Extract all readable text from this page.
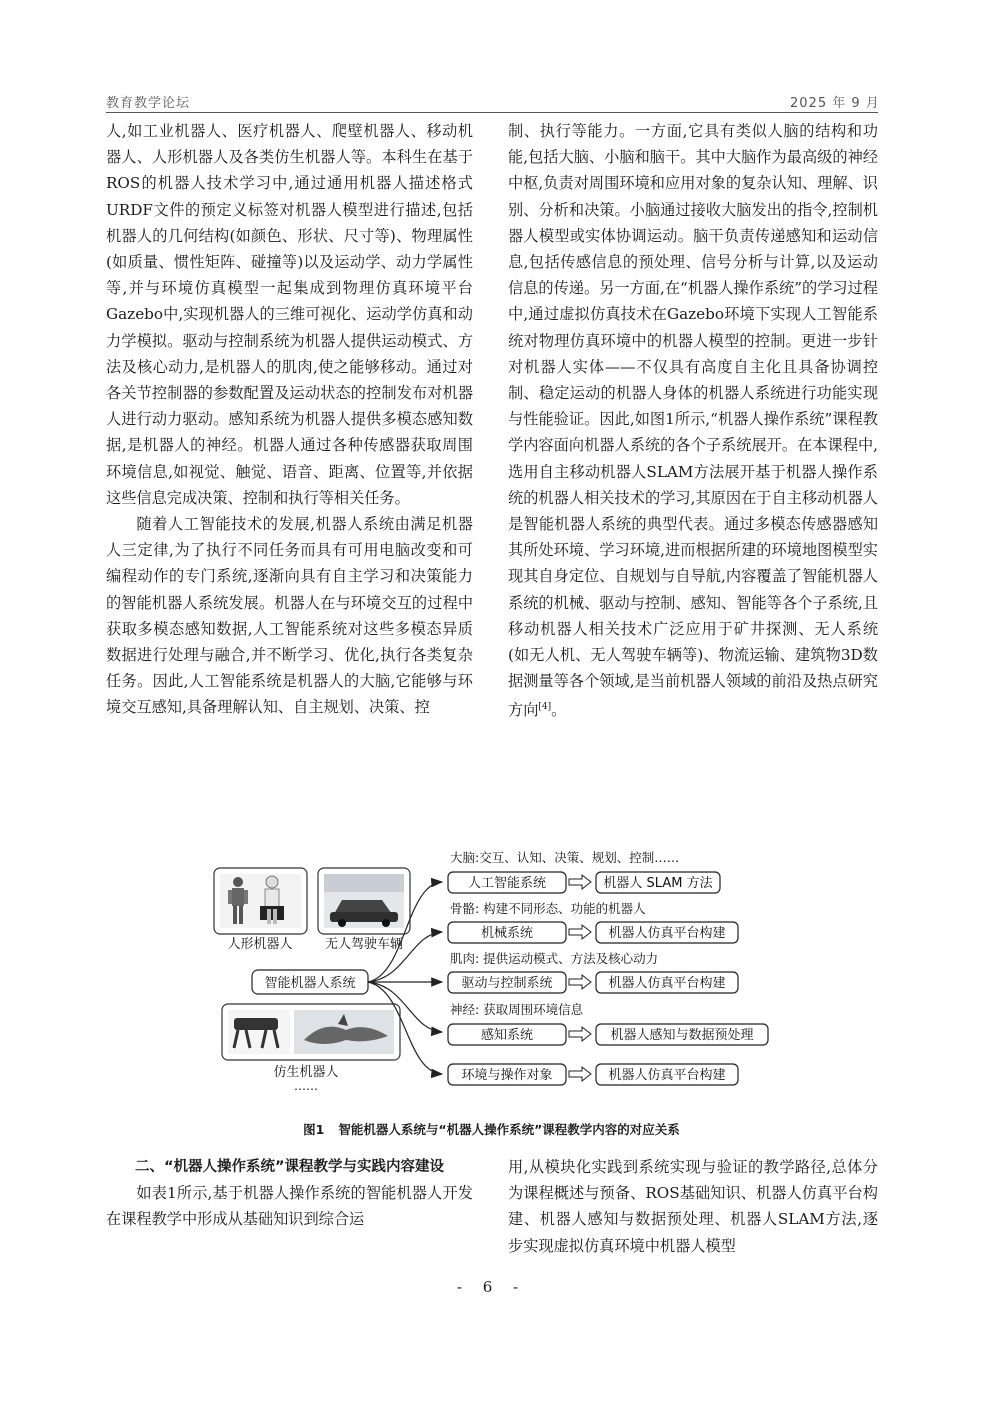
教育教学论坛	2025 年 9 月

人,如工业机器人、医疗机器人、爬壁机器人、移动机器人、人形机器人及各类仿生机器人等。本科生在基于ROS的机器人技术学习中,通过通用机器人描述格式URDF文件的预定义标签对机器人模型进行描述,包括机器人的几何结构(如颜色、形状、尺寸等)、物理属性(如质量、惯性矩阵、碰撞等)以及运动学、动力学属性等,并与环境仿真模型一起集成到物理仿真环境平台Gazebo中,实现机器人的三维可视化、运动学仿真和动力学模拟。驱动与控制系统为机器人提供运动模式、方法及核心动力,是机器人的肌肉,使之能够移动。通过对各关节控制器的参数配置及运动状态的控制发布对机器人进行动力驱动。感知系统为机器人提供多模态感知数据,是机器人的神经。机器人通过各种传感器获取周围环境信息,如视觉、触觉、语音、距离、位置等,并依据这些信息完成决策、控制和执行等相关任务。

随着人工智能技术的发展,机器人系统由满足机器人三定律,为了执行不同任务而具有可用电脑改变和可编程动作的专门系统,逐渐向具有自主学习和决策能力的智能机器人系统发展。机器人在与环境交互的过程中获取多模态感知数据,人工智能系统对这些多模态异质数据进行处理与融合,并不断学习、优化,执行各类复杂任务。因此,人工智能系统是机器人的大脑,它能够与环境交互感知,具备理解认知、自主规划、决策、控

制、执行等能力。一方面,它具有类似人脑的结构和功能,包括大脑、小脑和脑干。其中大脑作为最高级的神经中枢,负责对周围环境和应用对象的复杂认知、理解、识别、分析和决策。小脑通过接收大脑发出的指令,控制机器人模型或实体协调运动。脑干负责传递感知和运动信息,包括传感信息的预处理、信号分析与计算,以及运动信息的传递。另一方面,在“机器人操作系统”的学习过程中,通过虚拟仿真技术在Gazebo环境下实现人工智能系统对物理仿真环境中的机器人模型的控制。更进一步针对机器人实体——不仅具有高度自主化且具备协调控制、稳定运动的机器人身体的机器人系统进行功能实现与性能验证。因此,如图1所示,“机器人操作系统”课程教学内容面向机器人系统的各个子系统展开。在本课程中,选用自主移动机器人SLAM方法展开基于机器人操作系统的机器人相关技术的学习,其原因在于自主移动机器人是智能机器人系统的典型代表。通过多模态传感器感知其所处环境、学习环境,进而根据所建的环境地图模型实现其自身定位、自规划与自导航,内容覆盖了智能机器人系统的机械、驱动与控制、感知、智能等各个子系统,且移动机器人相关技术广泛应用于矿井探测、无人系统(如无人机、无人驾驶车辆等)、物流运输、建筑物3D数据测量等各个领域,是当前机器人领域的前沿及热点研究方向[4]。

人形机器人 无人驾驶车辆
智能机器人系统
仿生机器人
……
大脑:交互、认知、决策、规划、控制……
人工智能系统	机器人 SLAM 方法
骨骼: 构建不同形态、功能的机器人
机械系统	机器人仿真平台构建
肌肉: 提供运动模式、方法及核心动力
驱动与控制系统	机器人仿真平台构建
神经: 获取周围环境信息
感知系统	机器人感知与数据预处理
环境与操作对象	机器人仿真平台构建
图1 智能机器人系统与“机器人操作系统”课程教学内容的对应关系

二、“机器人操作系统”课程教学与实践内容建设

如表1所示,基于机器人操作系统的智能机器人开发在课程教学中形成从基础知识到综合运

用,从模块化实践到系统实现与验证的教学路径,总体分为课程概述与预备、ROS基础知识、机器人仿真平台构建、机器人感知与数据预处理、机器人SLAM方法,逐步实现虚拟仿真环境中机器人模型

- 6 -
